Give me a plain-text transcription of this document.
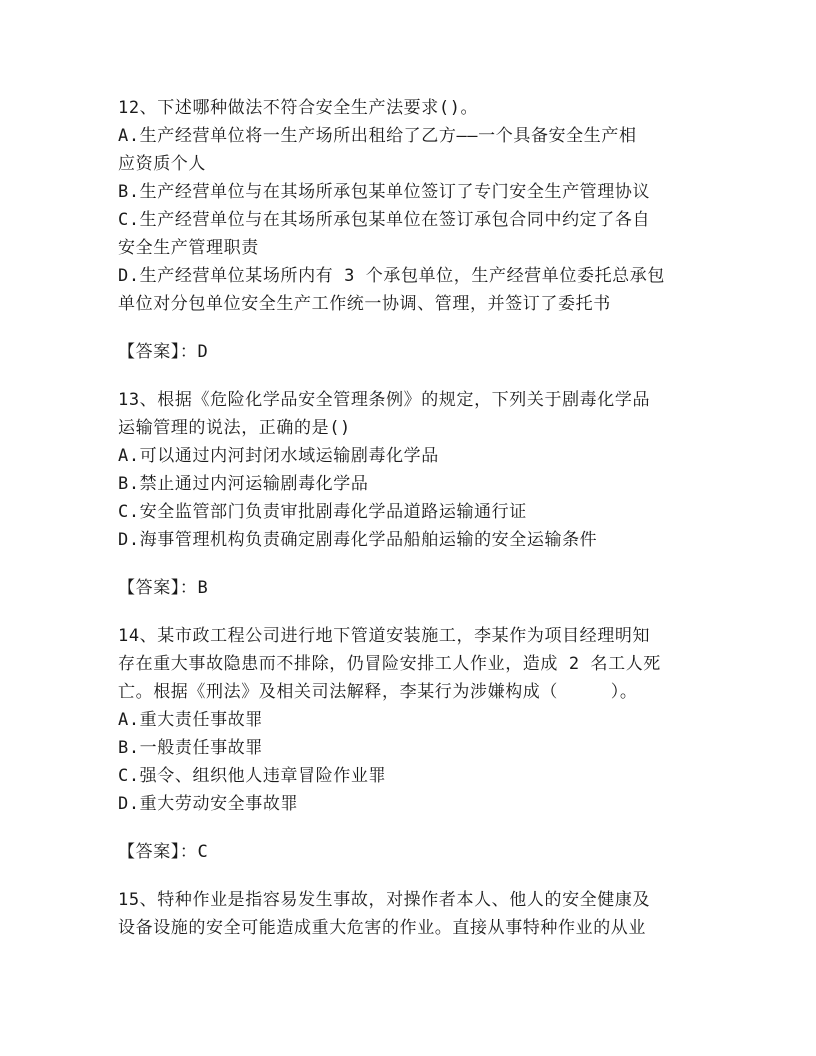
12、下述哪种做法不符合安全生产法要求()。
A.生产经营单位将一生产场所出租给了乙方——一个具备安全生产相
应资质个人
B.生产经营单位与在其场所承包某单位签订了专门安全生产管理协议
C.生产经营单位与在其场所承包某单位在签订承包合同中约定了各自
安全生产管理职责
D.生产经营单位某场所内有 3 个承包单位，生产经营单位委托总承包
单位对分包单位安全生产工作统一协调、管理，并签订了委托书
【答案】：D
13、根据《危险化学品安全管理条例》的规定，下列关于剧毒化学品
运输管理的说法，正确的是()
A.可以通过内河封闭水域运输剧毒化学品
B.禁止通过内河运输剧毒化学品
C.安全监管部门负责审批剧毒化学品道路运输通行证
D.海事管理机构负责确定剧毒化学品船舶运输的安全运输条件
【答案】：B
14、某市政工程公司进行地下管道安装施工，李某作为项目经理明知
存在重大事故隐患而不排除，仍冒险安排工人作业，造成 2 名工人死
亡。根据《刑法》及相关司法解释，李某行为涉嫌构成（　　　）。
A.重大责任事故罪
B.一般责任事故罪
C.强令、组织他人违章冒险作业罪
D.重大劳动安全事故罪
【答案】：C
15、特种作业是指容易发生事故，对操作者本人、他人的安全健康及
设备设施的安全可能造成重大危害的作业。直接从事特种作业的从业
